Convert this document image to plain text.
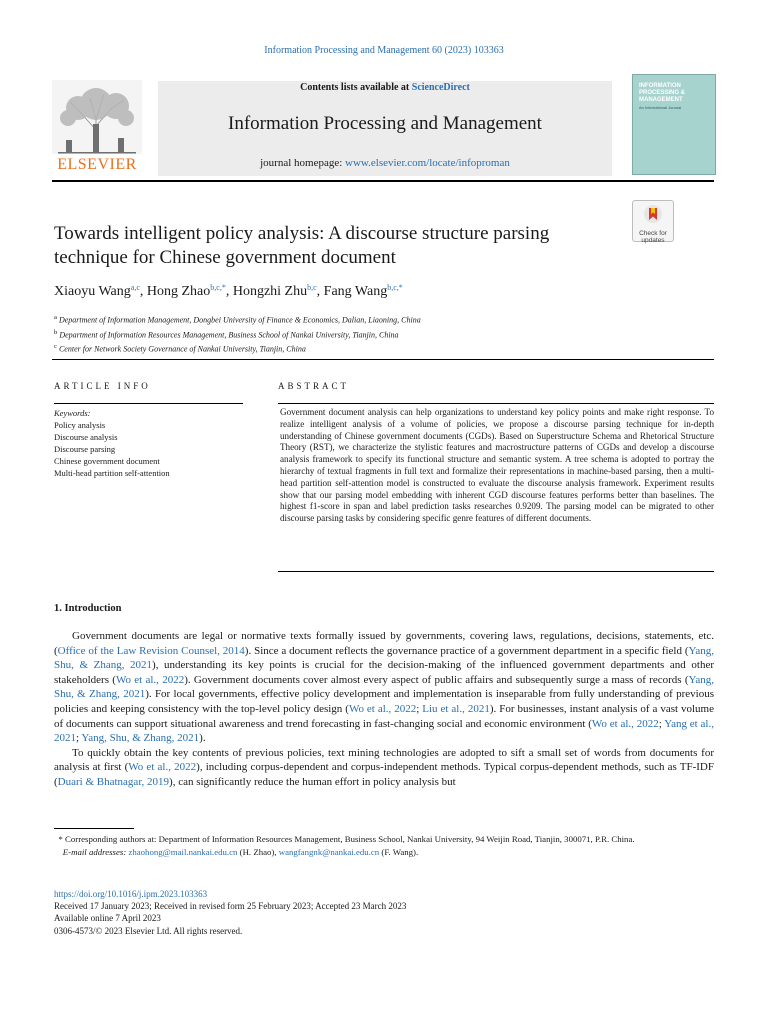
Information Processing and Management 60 (2023) 103363
Contents lists available at ScienceDirect
Information Processing and Management
journal homepage: www.elsevier.com/locate/infoproman
ELSEVIER
INFORMATION PROCESSING & MANAGEMENT
An International Journal
Check for updates
Towards intelligent policy analysis: A discourse structure parsing technique for Chinese government document
Xiaoyu Wang$^{a,c}$, Hong Zhao$^{b,c,*}$, Hongzhi Zhu$^{b,c}$, Fang Wang$^{b,c,*}$
$^a$ Department of Information Management, Dongbei University of Finance & Economics, Dalian, Liaoning, China
$^b$ Department of Information Resources Management, Business School of Nankai University, Tianjin, China
$^c$ Center for Network Society Governance of Nankai University, Tianjin, China
ARTICLE INFO	ABSTRACT
Keywords:
Policy analysis
Discourse analysis
Discourse parsing
Chinese government document
Multi-head partition self-attention
Government document analysis can help organizations to understand key policy points and make right response. To realize intelligent analysis of a volume of policies, we propose a discourse parsing technique for in-depth understanding of Chinese government documents (CGDs). Based on Superstructure Schema and Rhetorical Structure Theory (RST), we characterize the stylistic features and macrostructure patterns of CGDs and develop a discourse analysis framework to specify its functional structure and semantic system. A tree schema is adopted to portray the hierarchy of textual fragments in full text and formalize their representations in machine-based parsing, then a multi-head partition self-attention model is constructed to evaluate the discourse analysis framework. Experiment results show that our parsing model embedding with inherent CGD discourse features performs better than baselines. The highest f1-score in span and label prediction tasks researches 0.9209. The parsing model can be migrated to other discourse parsing tasks by considering specific genre features of different documents.
1. Introduction

Government documents are legal or normative texts formally issued by governments, covering laws, regulations, decisions, statements, etc. (Office of the Law Revision Counsel, 2014). Since a document reflects the governance practice of a government department in a specific field (Yang, Shu, & Zhang, 2021), understanding its key points is crucial for the decision-making of the influenced government departments and other stakeholders (Wo et al., 2022). Government documents cover almost every aspect of public affairs and subsequently surge a mass of records (Yang, Shu, & Zhang, 2021). For local governments, effective policy development and implementation is inseparable from fully understanding of previous policies and keeping consistency with the top-level policy design (Wo et al., 2022; Liu et al., 2021). For businesses, instant analysis of a vast volume of documents can support situational awareness and trend forecasting in fast-changing social and economic environment (Wo et al., 2022; Yang et al., 2021; Yang, Shu, & Zhang, 2021).

To quickly obtain the key contents of previous policies, text mining technologies are adopted to sift a small set of words from documents for analysis at first (Wo et al., 2022), including corpus-dependent and corpus-independent methods. Typical corpus-dependent methods, such as TF-IDF (Duari & Bhatnagar, 2019), can significantly reduce the human effort in policy analysis but

* Corresponding authors at: Department of Information Resources Management, Business School, Nankai University, 94 Weijin Road, Tianjin, 300071, P.R. China.
E-mail addresses: zhaohong@mail.nankai.edu.cn (H. Zhao), wangfangnk@nankai.edu.cn (F. Wang).
https://doi.org/10.1016/j.ipm.2023.103363
Received 17 January 2023; Received in revised form 25 February 2023; Accepted 23 March 2023
Available online 7 April 2023
0306-4573/© 2023 Elsevier Ltd. All rights reserved.
